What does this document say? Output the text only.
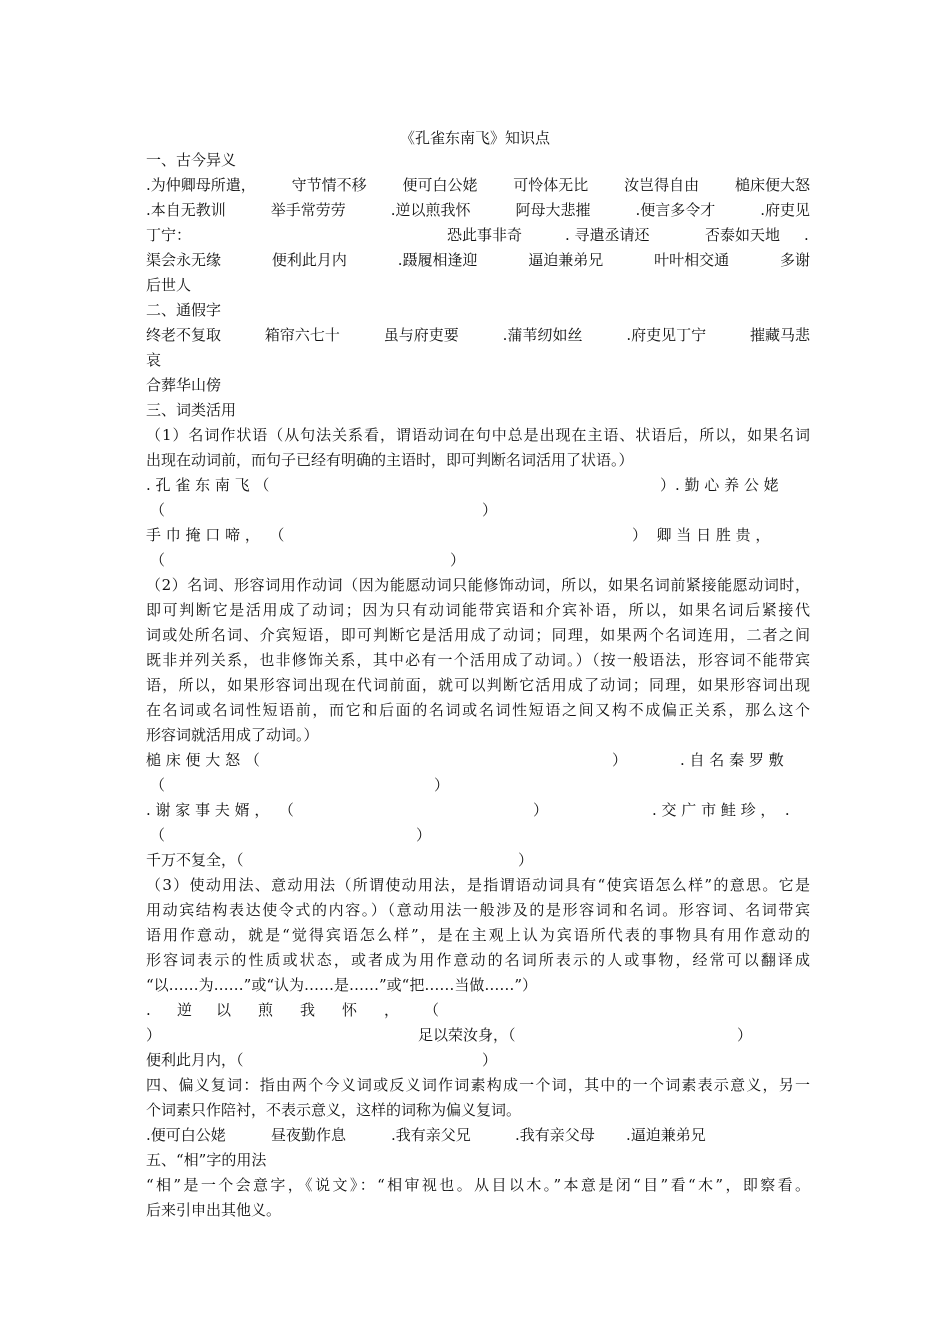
《孔雀东南飞》知识点
一、古今异义
.为仲卿母所遣， 守节情不移 便可白公姥 可怜体无比 汝岂得自由 槌床便大怒
.本自无教训	举手常劳劳	.逆以煎我怀	阿母大悲摧	.便言多令才	.府吏见
丁宁：	恐此事非奇	. 寻遣丞请还	否泰如天地 .
渠会永无缘	便利此月内	.蹑履相逢迎	逼迫兼弟兄	叶叶相交通	多谢
后世人
二、通假字
终老不复取	箱帘六七十	虽与府吏要	.蒲苇纫如丝	.府吏见丁宁	摧藏马悲
哀
合葬华山傍
三、词类活用
（1）名词作状语（从句法关系看，谓语动词在句中总是出现在主语、状语后，所以，如果名词
出现在动词前，而句子已经有明确的主语时，即可判断名词活用了状语。）
. 孔 雀 东 南 飞 （	）. 勤 心 养 公 姥
（	）
手 巾 掩 口 啼 ，  （	）  卿 当 日 胜 贵 ，
（	）
（2）名词、形容词用作动词（因为能愿动词只能修饰动词，所以，如果名词前紧接能愿动词时，
即可判断它是活用成了动词；因为只有动词能带宾语和介宾补语，所以，如果名词后紧接代
词或处所名词、介宾短语，即可判断它是活用成了动词；同理，如果两个名词连用，二者之间
既非并列关系，也非修饰关系，其中必有一个活用成了动词。）（按一般语法，形容词不能带宾
语，所以，如果形容词出现在代词前面，就可以判断它活用成了动词；同理，如果形容词出现
在名词或名词性短语前，而它和后面的名词或名词性短语之间又构不成偏正关系，那么这个
形容词就活用成了动词。）
槌 床 便 大 怒 （	）	. 自 名 秦 罗 敷
（	）
. 谢 家 事 夫 婿 ，  （	）	. 交 广 市 鲑 珍 ，  .
（	）
千万不复全，（	）
（3）使动用法、意动用法（所谓使动用法，是指谓语动词具有“使宾语怎么样”的意思。它是
用动宾结构表达使令式的内容。）（意动用法一般涉及的是形容词和名词。形容词、名词带宾
语用作意动，就是“觉得宾语怎么样”，是在主观上认为宾语所代表的事物具有用作意动的
形容词表示的性质或状态，或者成为用作意动的名词所表示的人或事物，经常可以翻译成
“以……为……”或“认为……是……”或“把……当做……”）
. 逆 以 煎 我 怀 ， （
）	足以荣汝身，（	）
便利此月内，（	）
四、偏义复词：指由两个今义词或反义词作词素构成一个词，其中的一个词素表示意义，另一
个词素只作陪衬，不表示意义，这样的词称为偏义复词。
.便可白公姥	昼夜勤作息	.我有亲父兄	.我有亲父母 .逼迫兼弟兄
五、“相”字的用法
“相”是一个会意字，《说文》：“相审视也。从目以木。”本意是闭“目”看“木”，即察看。
后来引申出其他义。
